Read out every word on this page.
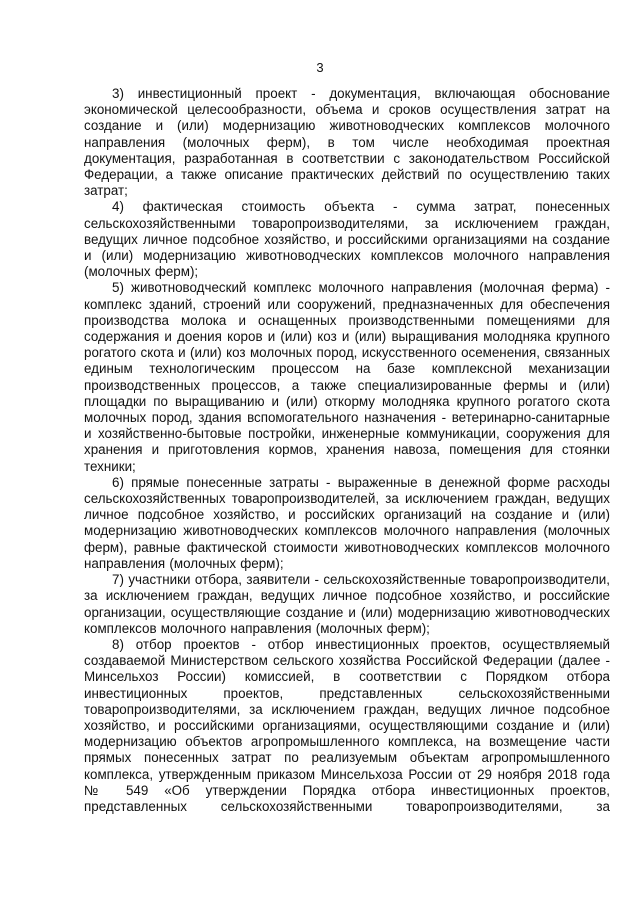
3

3) инвестиционный проект - документация, включающая обоснование экономической целесообразности, объема и сроков осуществления затрат на создание и (или) модернизацию животноводческих комплексов молочного направления (молочных ферм), в том числе необходимая проектная документация, разработанная в соответствии с законодательством Российской Федерации, а также описание практических действий по осуществлению таких затрат;

4) фактическая стоимость объекта - сумма затрат, понесенных сельскохозяйственными товаропроизводителями, за исключением граждан, ведущих личное подсобное хозяйство, и российскими организациями на создание и (или) модернизацию животноводческих комплексов молочного направления (молочных ферм);

5) животноводческий комплекс молочного направления (молочная ферма) - комплекс зданий, строений или сооружений, предназначенных для обеспечения производства молока и оснащенных производственными помещениями для содержания и доения коров и (или) коз и (или) выращивания молодняка крупного рогатого скота и (или) коз молочных пород, искусственного осеменения, связанных единым технологическим процессом на базе комплексной механизации производственных процессов, а также специализированные фермы и (или) площадки по выращиванию и (или) откорму молодняка крупного рогатого скота молочных пород, здания вспомогательного назначения - ветеринарно-санитарные и хозяйственно-бытовые постройки, инженерные коммуникации, сооружения для хранения и приготовления кормов, хранения навоза, помещения для стоянки техники;

6) прямые понесенные затраты - выраженные в денежной форме расходы сельскохозяйственных товаропроизводителей, за исключением граждан, ведущих личное подсобное хозяйство, и российских организаций на создание и (или) модернизацию животноводческих комплексов молочного направления (молочных ферм), равные фактической стоимости животноводческих комплексов молочного направления (молочных ферм);

7) участники отбора, заявители - сельскохозяйственные товаропроизводители, за исключением граждан, ведущих личное подсобное хозяйство, и российские организации, осуществляющие создание и (или) модернизацию животноводческих комплексов молочного направления (молочных ферм);

8) отбор проектов - отбор инвестиционных проектов, осуществляемый создаваемой Министерством сельского хозяйства Российской Федерации (далее - Минсельхоз России) комиссией, в соответствии с Порядком отбора инвестиционных проектов, представленных сельскохозяйственными товаропроизводителями, за исключением граждан, ведущих личное подсобное хозяйство, и российскими организациями, осуществляющими создание и (или) модернизацию объектов агропромышленного комплекса, на возмещение части прямых понесенных затрат по реализуемым объектам агропромышленного комплекса, утвержденным приказом Минсельхоза России от 29 ноября 2018 года № 549 «Об утверждении Порядка отбора инвестиционных проектов, представленных сельскохозяйственными товаропроизводителями, за
